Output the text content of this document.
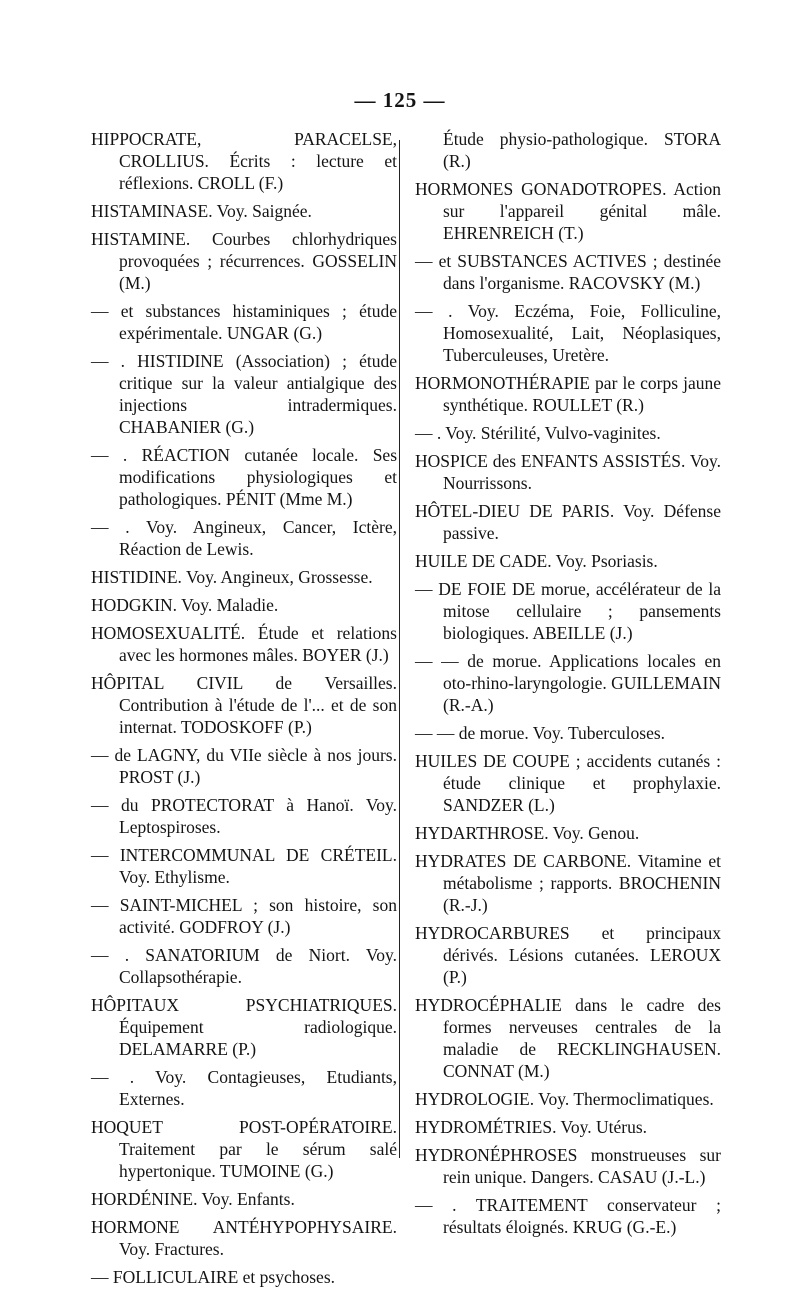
— 125 —

HIPPOCRATE, PARACELSE, CROLLIUS. Écrits : lecture et réflexions. CROLL (F.)

HISTAMINASE. Voy. Saignée.

HISTAMINE. Courbes chlorhydriques provoquées ; récurrences. GOSSELIN (M.)

— et substances histaminiques ; étude expérimentale. UNGAR (G.)

— . HISTIDINE (Association) ; étude critique sur la valeur antialgique des injections intradermiques. CHABANIER (G.)

— . RÉACTION cutanée locale. Ses modifications physiologiques et pathologiques. PÉNIT (Mme M.)

— . Voy. Angineux, Cancer, Ictère, Réaction de Lewis.

HISTIDINE. Voy. Angineux, Grossesse.

HODGKIN. Voy. Maladie.

HOMOSEXUALITÉ. Étude et relations avec les hormones mâles. BOYER (J.)

HÔPITAL CIVIL de Versailles. Contribution à l'étude de l'... et de son internat. TODOSKOFF (P.)

— de LAGNY, du VIIe siècle à nos jours. PROST (J.)

— du PROTECTORAT à Hanoï. Voy. Leptospiroses.

— INTERCOMMUNAL DE CRÉTEIL. Voy. Ethylisme.

— SAINT-MICHEL ; son histoire, son activité. GODFROY (J.)

— . SANATORIUM de Niort. Voy. Collapsothérapie.

HÔPITAUX PSYCHIATRIQUES. Équipement radiologique. DELAMARRE (P.)

— . Voy. Contagieuses, Etudiants, Externes.

HOQUET POST-OPÉRATOIRE. Traitement par le sérum salé hypertonique. TUMOINE (G.)

HORDÉNINE. Voy. Enfants.

HORMONE ANTÉHYPOPHYSAIRE. Voy. Fractures.

— FOLLICULAIRE et psychoses.

Étude physio-pathologique. STORA (R.)

HORMONES GONADOTROPES. Action sur l'appareil génital mâle. EHRENREICH (T.)

— et SUBSTANCES ACTIVES ; destinée dans l'organisme. RACOVSKY (M.)

— . Voy. Eczéma, Foie, Folliculine, Homosexualité, Lait, Néoplasiques, Tuberculeuses, Uretère.

HORMONOTHÉRAPIE par le corps jaune synthétique. ROULLET (R.)

— . Voy. Stérilité, Vulvo-vaginites.

HOSPICE des ENFANTS ASSISTÉS. Voy. Nourrissons.

HÔTEL-DIEU DE PARIS. Voy. Défense passive.

HUILE DE CADE. Voy. Psoriasis.

— DE FOIE DE morue, accélérateur de la mitose cellulaire ; pansements biologiques. ABEILLE (J.)

— — de morue. Applications locales en oto-rhino-laryngologie. GUILLEMAIN (R.-A.)

— — de morue. Voy. Tuberculoses.

HUILES DE COUPE ; accidents cutanés : étude clinique et prophylaxie. SANDZER (L.)

HYDARTHROSE. Voy. Genou.

HYDRATES DE CARBONE. Vitamine et métabolisme ; rapports. BROCHENIN (R.-J.)

HYDROCARBURES et principaux dérivés. Lésions cutanées. LEROUX (P.)

HYDROCÉPHALIE dans le cadre des formes nerveuses centrales de la maladie de RECKLINGHAUSEN. CONNAT (M.)

HYDROLOGIE. Voy. Thermoclimatiques.

HYDROMÉTRIES. Voy. Utérus.

HYDRONÉPHROSES monstrueuses sur rein unique. Dangers. CASAU (J.-L.)

— . TRAITEMENT conservateur ; résultats éloignés. KRUG (G.-E.)
